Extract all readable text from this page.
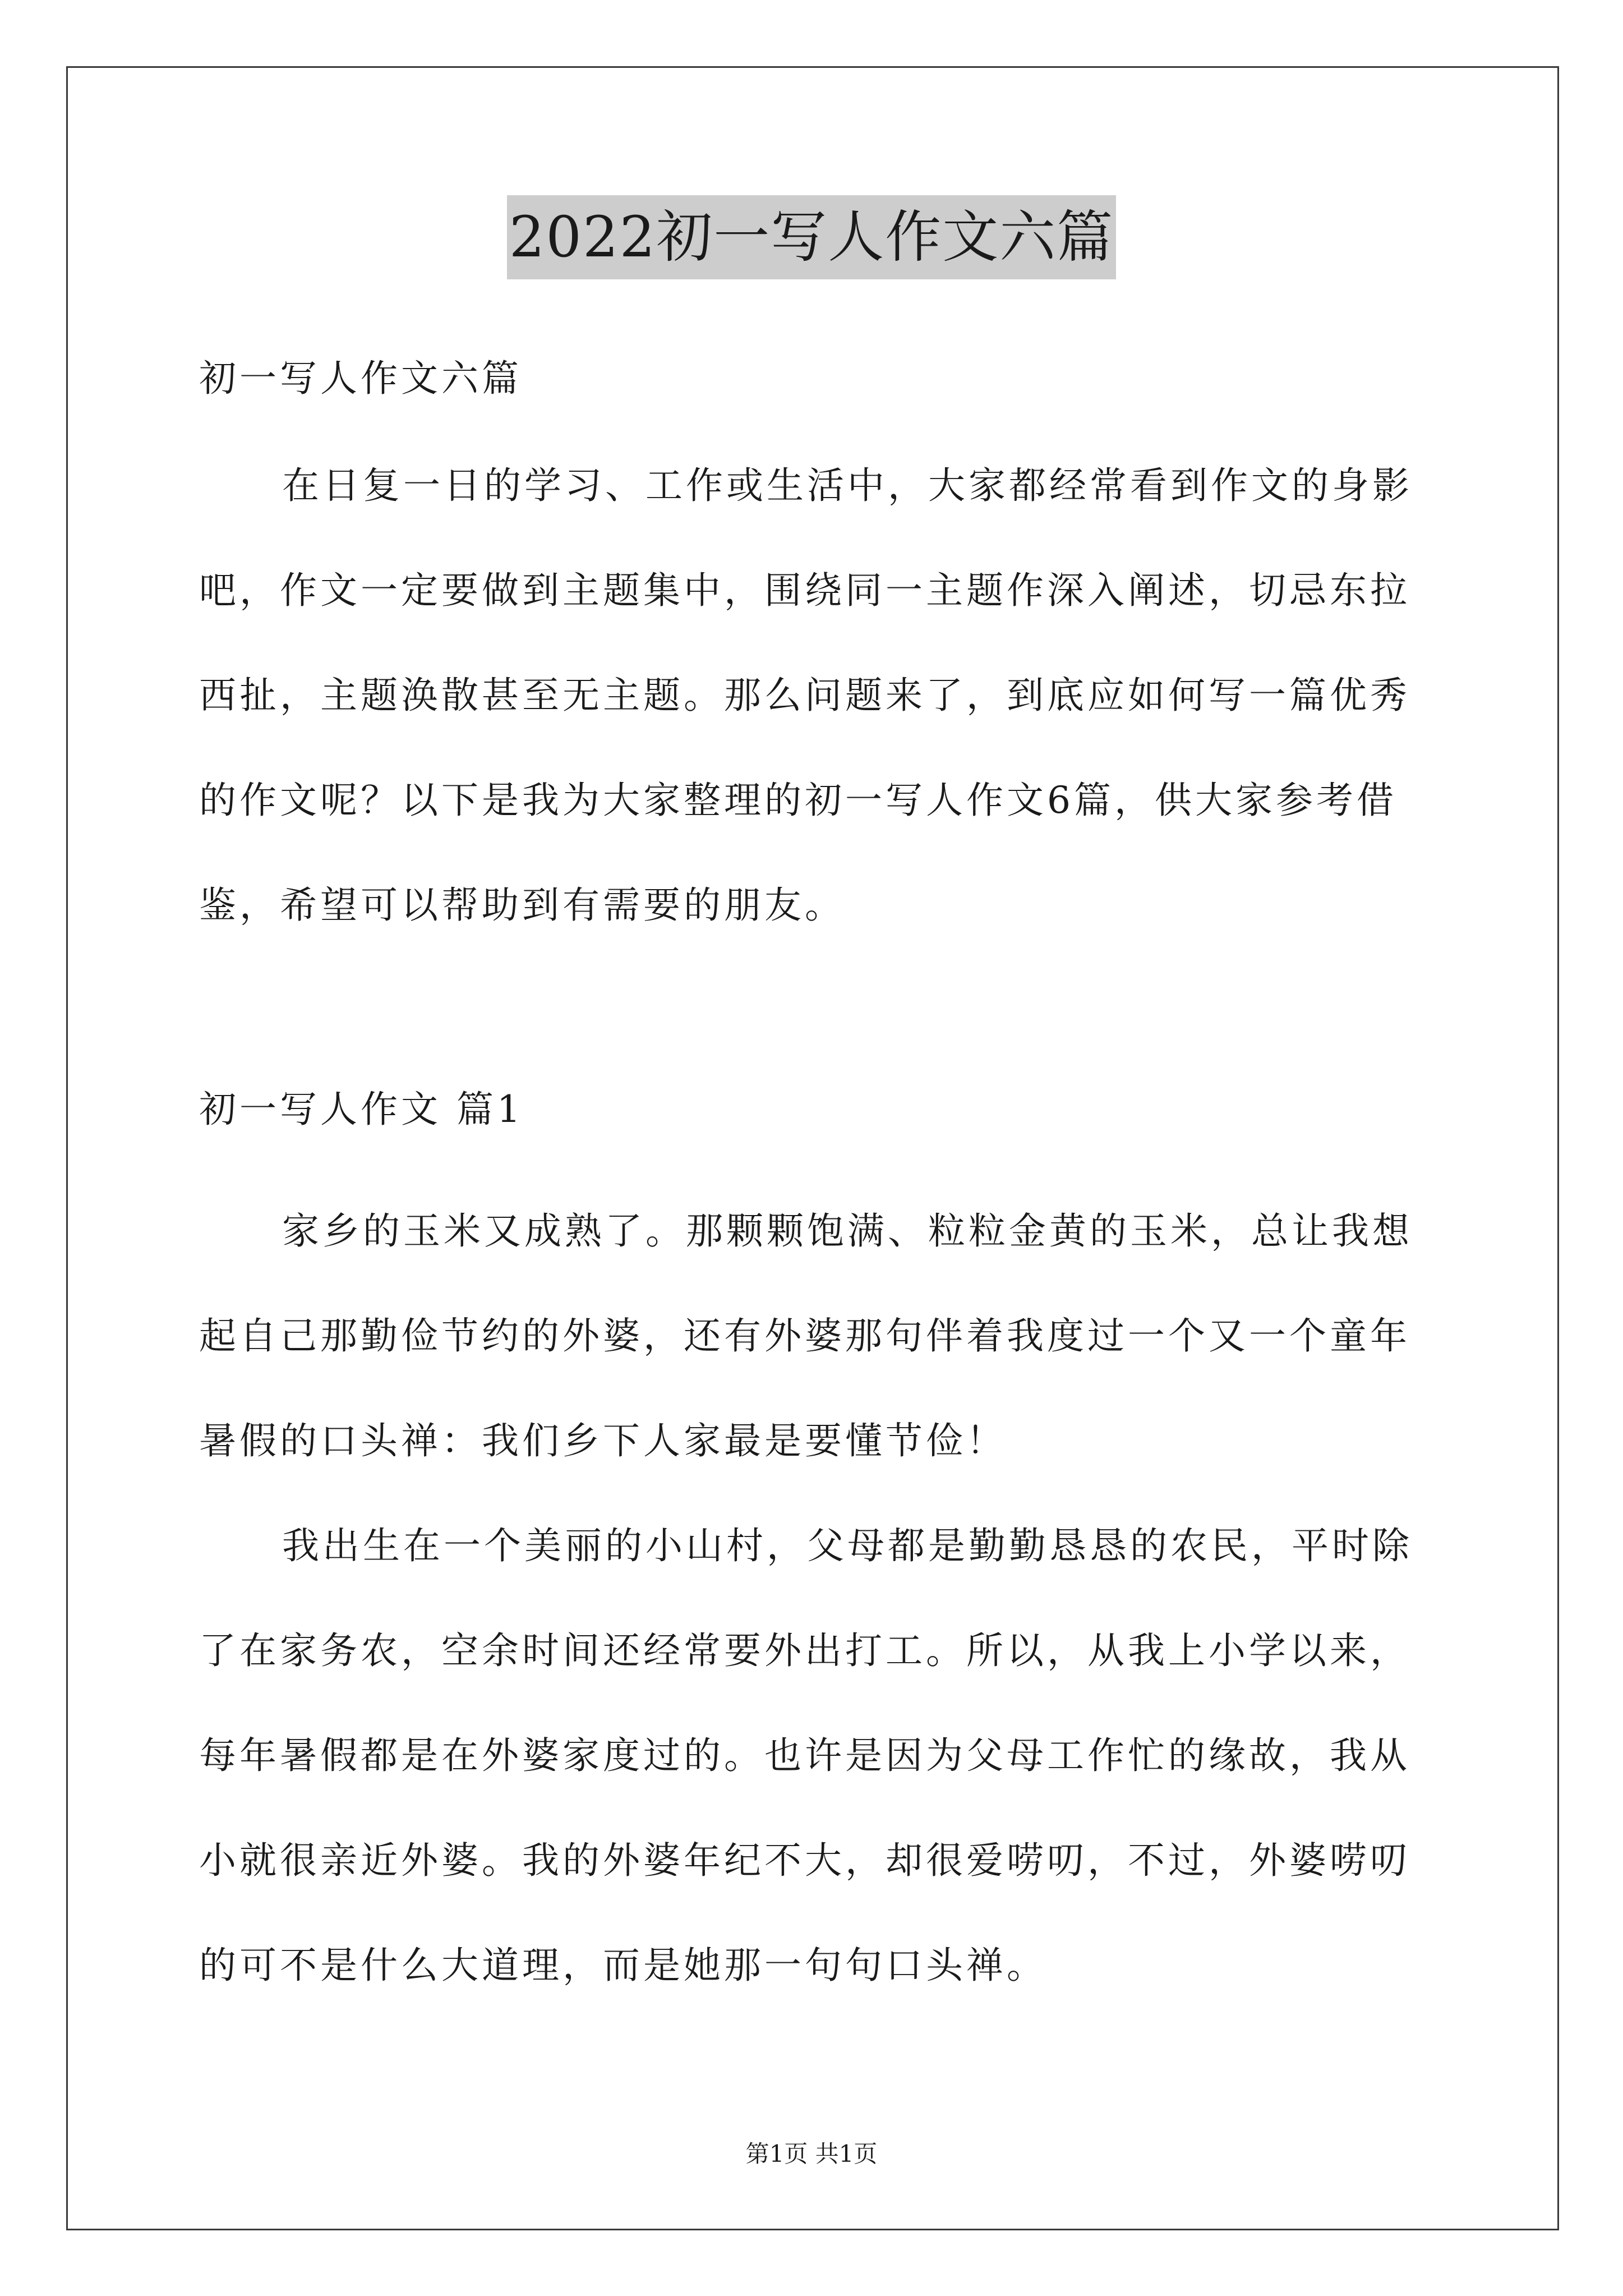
2022初一写人作文六篇
初一写人作文六篇
在日复一日的学习、工作或生活中，大家都经常看到作文的身影
吧，作文一定要做到主题集中，围绕同一主题作深入阐述，切忌东拉
西扯，主题涣散甚至无主题。那么问题来了，到底应如何写一篇优秀
的作文呢？以下是我为大家整理的初一写人作文6篇，供大家参考借
鉴，希望可以帮助到有需要的朋友。
初一写人作文 篇1
家乡的玉米又成熟了。那颗颗饱满、粒粒金黄的玉米，总让我想
起自己那勤俭节约的外婆，还有外婆那句伴着我度过一个又一个童年
暑假的口头禅：我们乡下人家最是要懂节俭！
我出生在一个美丽的小山村，父母都是勤勤恳恳的农民，平时除
了在家务农，空余时间还经常要外出打工。所以，从我上小学以来，
每年暑假都是在外婆家度过的。也许是因为父母工作忙的缘故，我从
小就很亲近外婆。我的外婆年纪不大，却很爱唠叨，不过，外婆唠叨
的可不是什么大道理，而是她那一句句口头禅。
第1页 共1页
